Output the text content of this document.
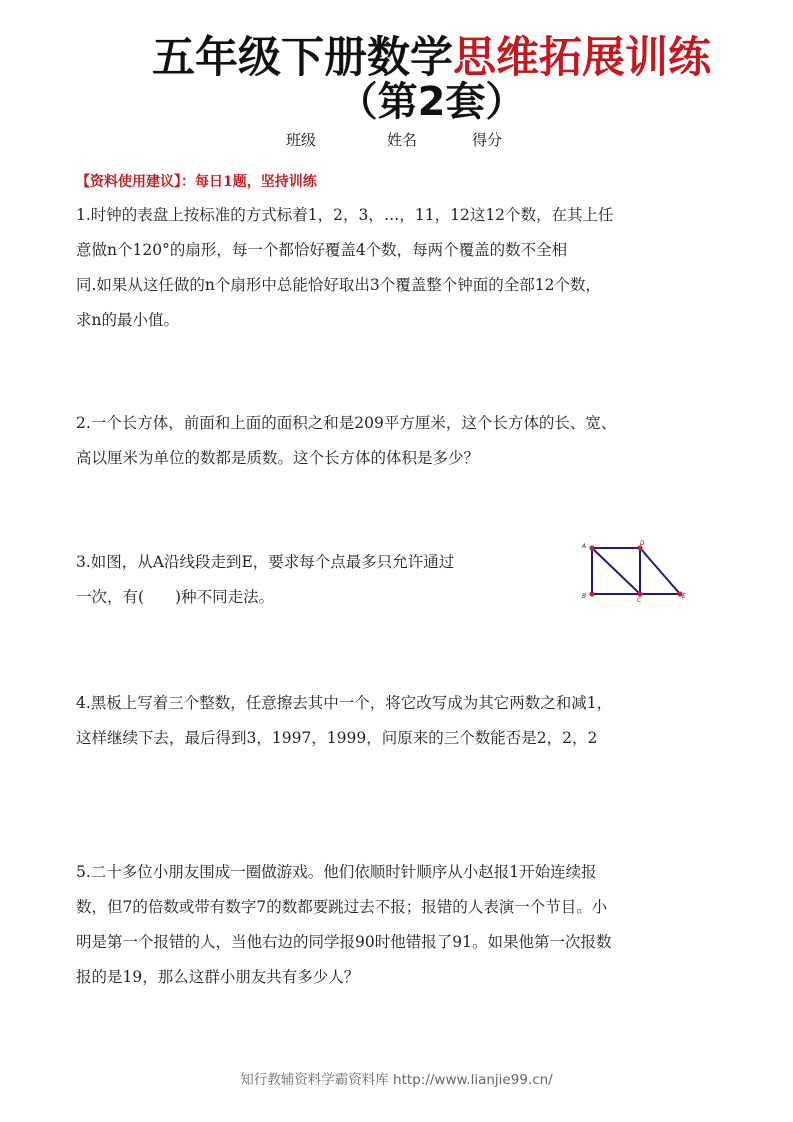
五年级下册数学思维拓展训练
（第2套）
班级	姓名	得分
【资料使用建议】：每日1题，坚持训练
1.时钟的表盘上按标准的方式标着1，2，3，…，11，12这12个数，在其上任
意做n个120°的扇形，每一个都恰好覆盖4个数，每两个覆盖的数不全相
同.如果从这任做的n个扇形中总能恰好取出3个覆盖整个钟面的全部12个数，
求n的最小值。
2.一个长方体，前面和上面的面积之和是209平方厘米，这个长方体的长、宽、
高以厘米为单位的数都是质数。这个长方体的体积是多少？
3.如图，从A沿线段走到E，要求每个点最多只允许通过
一次，有(　　)种不同走法。
A	D
B
C
E
4.黑板上写着三个整数，任意擦去其中一个，将它改写成为其它两数之和减1，
这样继续下去，最后得到3，1997，1999，问原来的三个数能否是2，2，2
5.二十多位小朋友围成一圈做游戏。他们依顺时针顺序从小赵报1开始连续报
数，但7的倍数或带有数字7的数都要跳过去不报；报错的人表演一个节目。小
明是第一个报错的人，当他右边的同学报90时他错报了91。如果他第一次报数
报的是19，那么这群小朋友共有多少人？
知行教辅资料学霸资料库 http://www.lianjie99.cn/
